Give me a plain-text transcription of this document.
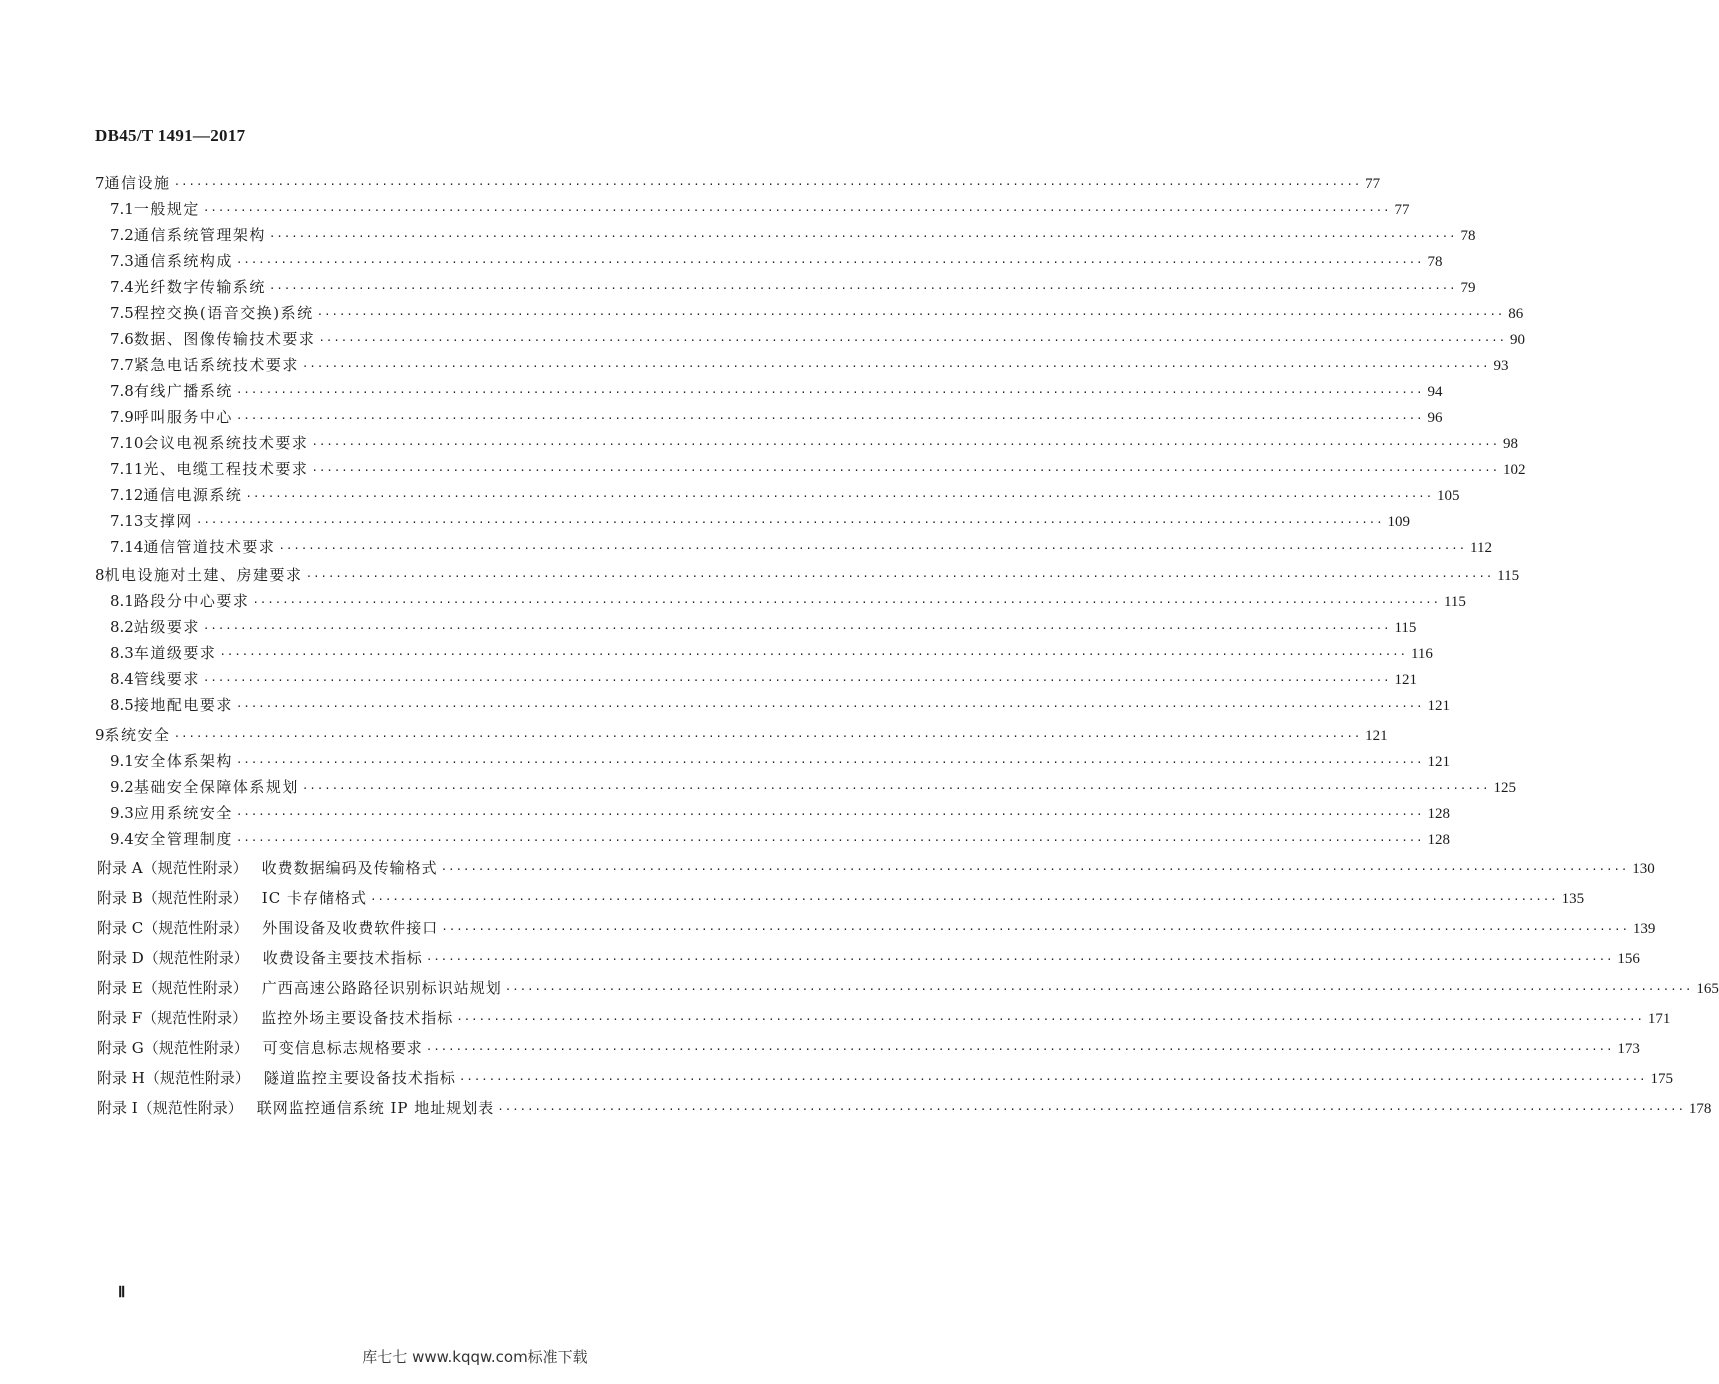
DB45/T 1491—2017
7 通信设施 ································································································································································ 77
7.1 一般规定 ································································································································································ 77
7.2 通信系统管理架构 ································································································································································ 78
7.3 通信系统构成 ································································································································································ 78
7.4 光纤数字传输系统 ································································································································································ 79
7.5 程控交换(语音交换)系统 ································································································································································ 86
7.6 数据、图像传输技术要求 ································································································································································ 90
7.7 紧急电话系统技术要求 ································································································································································ 93
7.8 有线广播系统 ································································································································································ 94
7.9 呼叫服务中心 ································································································································································ 96
7.10 会议电视系统技术要求 ································································································································································ 98
7.11 光、电缆工程技术要求 ································································································································································ 102
7.12 通信电源系统 ································································································································································ 105
7.13 支撑网 ································································································································································ 109
7.14 通信管道技术要求 ································································································································································ 112
8 机电设施对土建、房建要求 ································································································································································ 115
8.1 路段分中心要求 ································································································································································ 115
8.2 站级要求 ································································································································································ 115
8.3 车道级要求 ································································································································································ 116
8.4 管线要求 ································································································································································ 121
8.5 接地配电要求 ································································································································································ 121
9 系统安全 ································································································································································ 121
9.1 安全体系架构 ································································································································································ 121
9.2 基础安全保障体系规划 ································································································································································ 125
9.3 应用系统安全 ································································································································································ 128
9.4 安全管理制度 ································································································································································ 128
附录 A（规范性附录） 收费数据编码及传输格式 ································································································································································ 130
附录 B（规范性附录） IC 卡存储格式 ································································································································································ 135
附录 C（规范性附录） 外围设备及收费软件接口 ································································································································································ 139
附录 D（规范性附录） 收费设备主要技术指标 ································································································································································ 156
附录 E（规范性附录） 广西高速公路路径识别标识站规划 ································································································································································ 165
附录 F（规范性附录） 监控外场主要设备技术指标 ································································································································································ 171
附录 G（规范性附录） 可变信息标志规格要求 ································································································································································ 173
附录 H（规范性附录） 隧道监控主要设备技术指标 ································································································································································ 175
附录 I（规范性附录） 联网监控通信系统 IP 地址规划表 ································································································································································ 178
Ⅱ
库七七 www.kqqw.com标准下载
